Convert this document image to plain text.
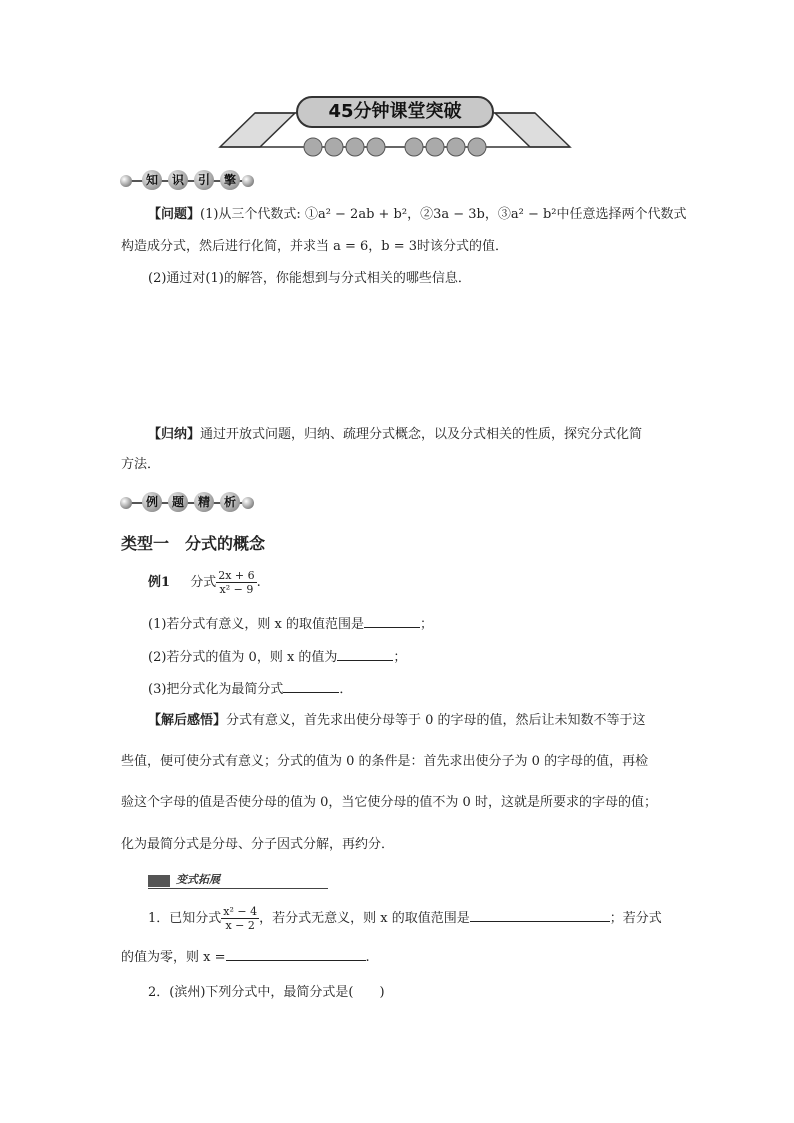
45分钟课堂突破
知	识	引	擎
【问题】(1)从三个代数式: ①a² − 2ab + b²，②3a − 3b，③a² − b²中任意选择两个代数式
构造成分式，然后进行化简，并求当 a = 6，b = 3时该分式的值．
(2)通过对(1)的解答，你能想到与分式相关的哪些信息．
【归纳】通过开放式问题，归纳、疏理分式概念，以及分式相关的性质，探究分式化简
方法．
例	题	精	析
类型一　分式的概念
例1 分式 $\frac{2x + 6}{\text{x² − 9}}$ .
(1)若分式有意义，则 x 的取值范围是	；
(2)若分式的值为 0，则 x 的值为	；
(3)把分式化为最简分式	．
【解后感悟】分式有意义，首先求出使分母等于 0 的字母的值，然后让未知数不等于这
些值，便可使分式有意义；分式的值为 0 的条件是：首先求出使分子为 0 的字母的值，再检
验这个字母的值是否使分母的值为 0，当它使分母的值不为 0 时，这就是所要求的字母的值；
化为最简分式是分母、分子因式分解，再约分．
变式拓展
1．已知分式 $\frac{\text{x² − 4}}{x - 2}$ ，若分式无意义，则 x 的取值范围是	；若分式
的值为零，则 x =	.
2．(滨州)下列分式中，最简分式是(　　)
